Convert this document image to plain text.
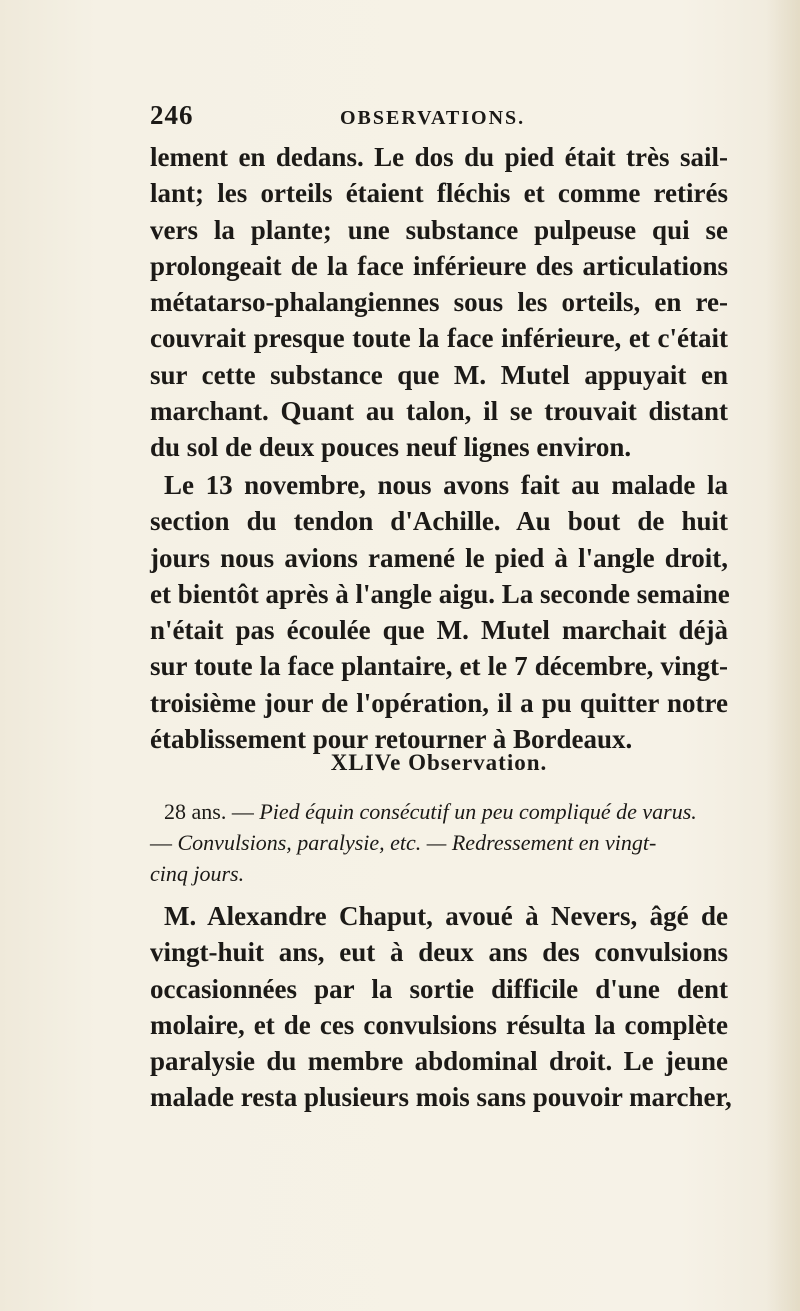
246	OBSERVATIONS.
lement en dedans. Le dos du pied était très sail-
lant; les orteils étaient fléchis et comme retirés
vers la plante; une substance pulpeuse qui se
prolongeait de la face inférieure des articulations
métatarso-phalangiennes sous les orteils, en re-
couvrait presque toute la face inférieure, et c'était
sur cette substance que M. Mutel appuyait en
marchant. Quant au talon, il se trouvait distant
du sol de deux pouces neuf lignes environ.
Le 13 novembre, nous avons fait au malade la
section du tendon d'Achille. Au bout de huit
jours nous avions ramené le pied à l'angle droit,
et bientôt après à l'angle aigu. La seconde semaine
n'était pas écoulée que M. Mutel marchait déjà
sur toute la face plantaire, et le 7 décembre, vingt-
troisième jour de l'opération, il a pu quitter notre
établissement pour retourner à Bordeaux.
XLIVe Observation.
28 ans. — Pied équin consécutif un peu compliqué de varus.
— Convulsions, paralysie, etc. — Redressement en vingt-
cinq jours.
M. Alexandre Chaput, avoué à Nevers, âgé de
vingt-huit ans, eut à deux ans des convulsions
occasionnées par la sortie difficile d'une dent
molaire, et de ces convulsions résulta la complète
paralysie du membre abdominal droit. Le jeune
malade resta plusieurs mois sans pouvoir marcher,
